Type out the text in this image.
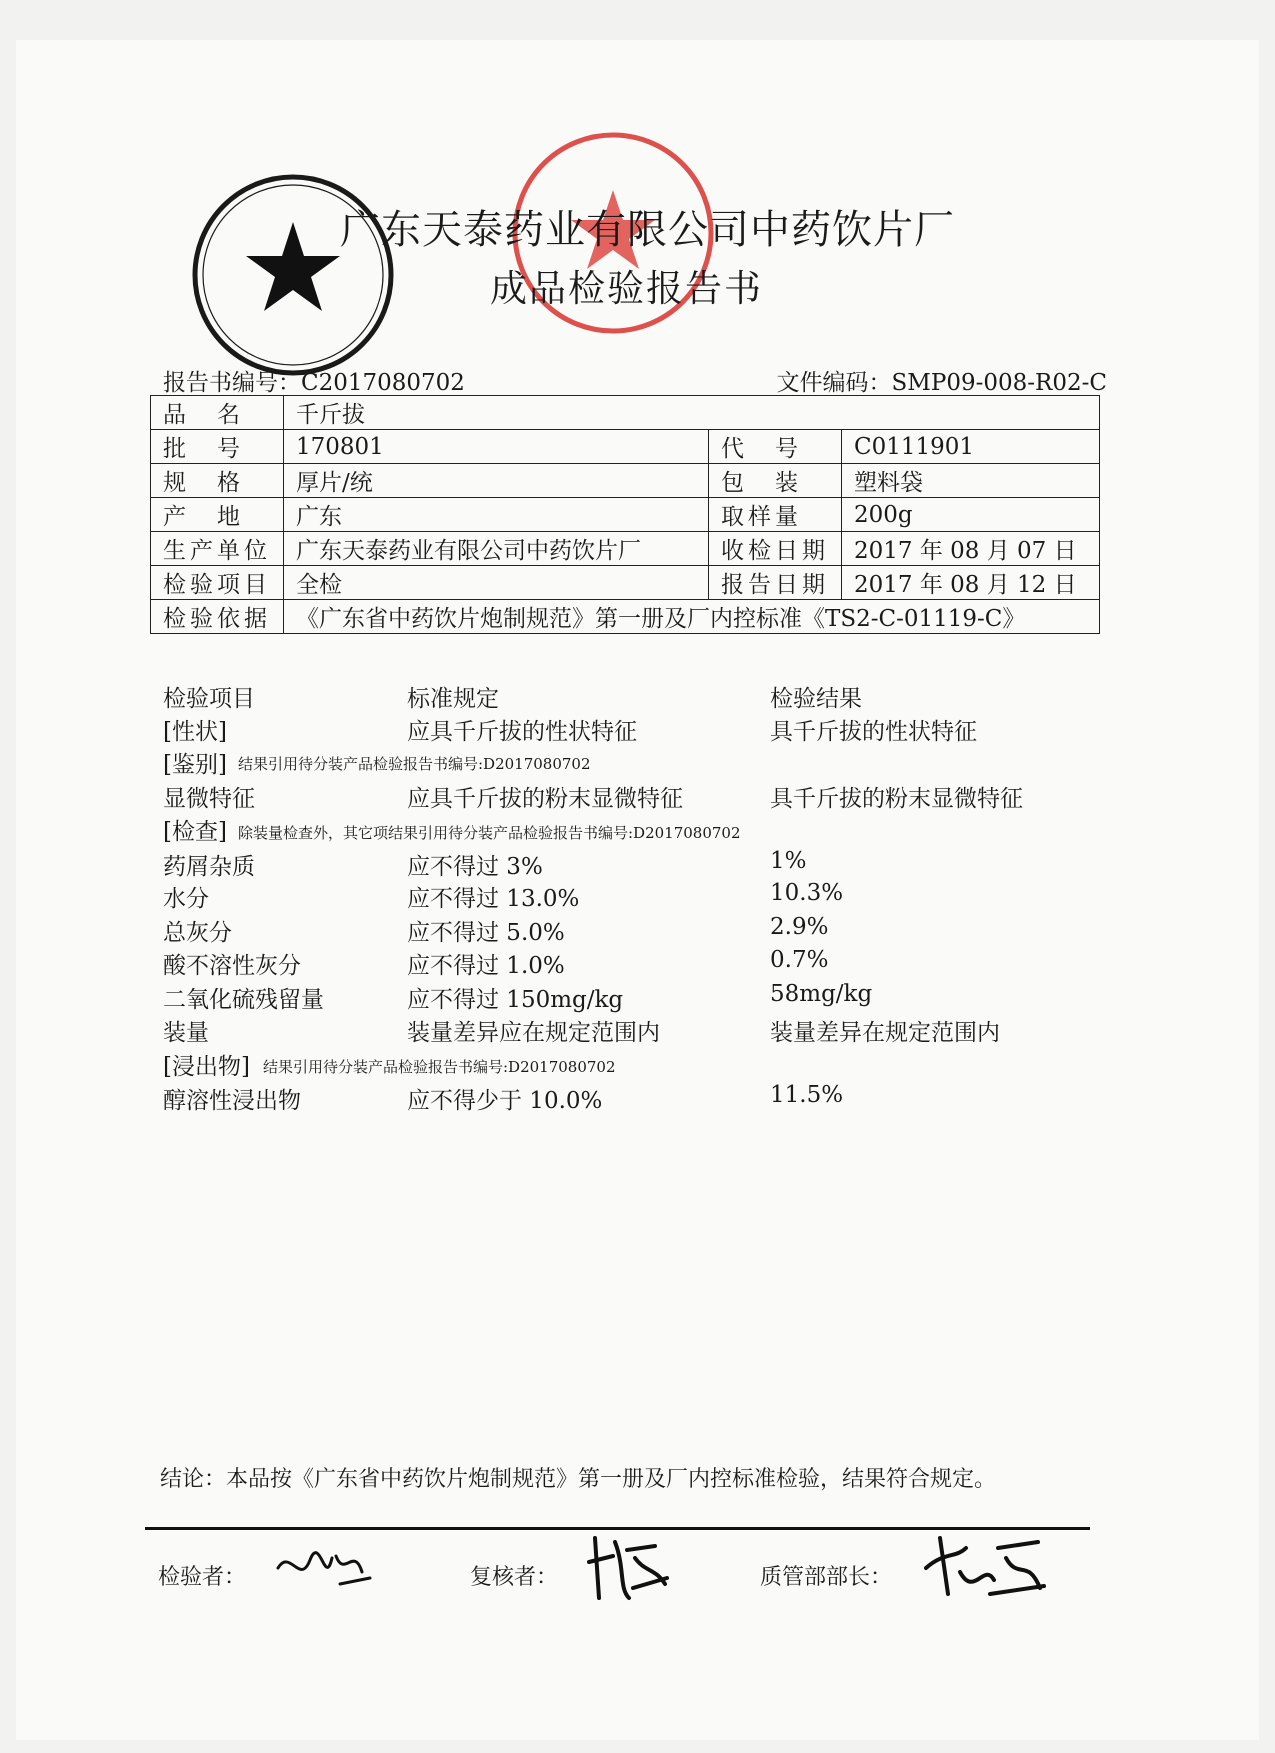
广东天泰药业有限公司中药饮片厂
成品检验报告书
报告书编号：C2017080702	文件编码：SMP09-008-R02-C
品　名	千斤拔		
批　号	170801	代　号	C0111901
规　格	厚片/统	包　装	塑料袋
产　地	广东	取样量	200g
生产单位	广东天泰药业有限公司中药饮片厂	收检日期	2017 年 08 月 07 日
检验项目	全检	报告日期	2017 年 08 月 12 日
检验依据	《广东省中药饮片炮制规范》第一册及厂内控标准《TS2-C-01119-C》		
检验项目	标准规定	检验结果
[性状]	应具千斤拔的性状特征	具千斤拔的性状特征
[鉴别] 结果引用待分装产品检验报告书编号:D2017080702
显微特征	应具千斤拔的粉末显微特征	具千斤拔的粉末显微特征
[检查] 除装量检查外，其它项结果引用待分装产品检验报告书编号:D2017080702
药屑杂质	应不得过 3%	1%
水分	应不得过 13.0%	10.3%
总灰分	应不得过 5.0%	2.9%
酸不溶性灰分	应不得过 1.0%	0.7%
二氧化硫残留量	应不得过 150mg/kg	58mg/kg
装量	装量差异应在规定范围内	装量差异在规定范围内
[浸出物] 结果引用待分装产品检验报告书编号:D2017080702
醇溶性浸出物	应不得少于 10.0%	11.5%
结论：本品按《广东省中药饮片炮制规范》第一册及厂内控标准检验，结果符合规定。
检验者：	复核者：	质管部部长：
